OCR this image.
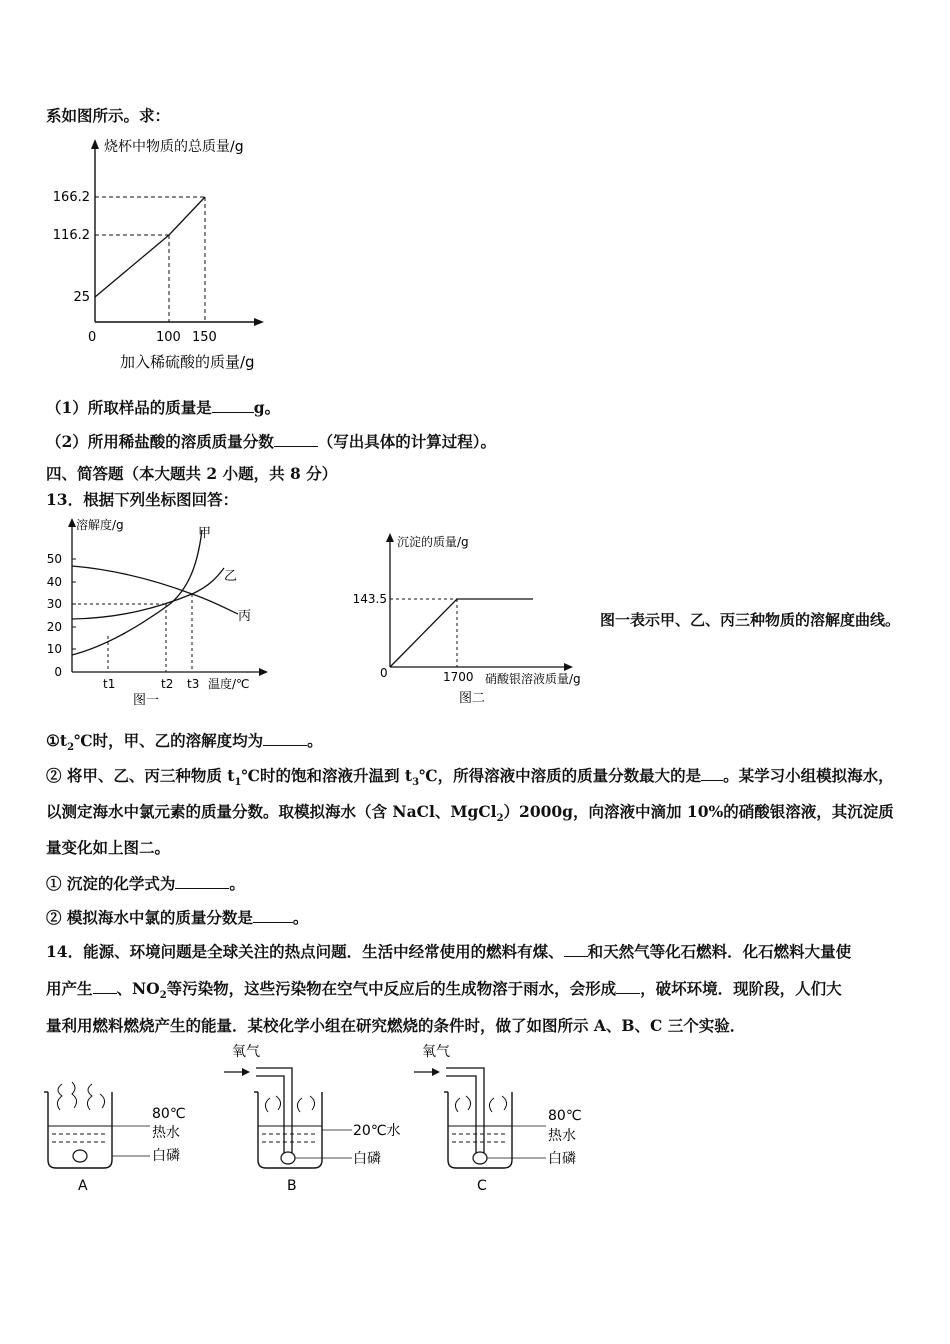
系如图所示。求：
烧杯中物质的总质量/g
0	100 150
25
116.2
166.2
加入稀硫酸的质量/g
（1）所取样品的质量是	g。
（2）所用稀盐酸的溶质质量分数	（写出具体的计算过程）。
四、简答题（本大题共 2 小题，共 8 分）
13．根据下列坐标图回答：
溶解度/g
50
40
30
20
10
0
t1	t2 t3 温度/℃
甲
乙
丙
图一
沉淀的质量/g
143.5
0	1700 硝酸银溶液质量/g
图二
图一表示甲、乙、丙三种物质的溶解度曲线。
$①t_2℃$时，甲、乙的溶解度均为	。
② 将甲、乙、丙三种物质 $t_1℃$时的饱和溶液升温到 $t_3℃$，所得溶液中溶质的质量分数最大的是 。某学习小组模拟海水，
以测定海水中氯元素的质量分数。取模拟海水（含 NaCl、MgCl$_2$）2000g，向溶液中滴加 10%的硝酸银溶液，其沉淀质
量变化如上图二。
① 沉淀的化学式为	。
② 模拟海水中氯的质量分数是	。
14．能源、环境问题是全球关注的热点问题．生活中经常使用的燃料有煤、 和天然气等化石燃料．化石燃料大量使
用产生 、$NO_2$等污染物，这些污染物在空气中反应后的生成物溶于雨水，会形成 ，破坏环境．现阶段，人们大
量利用燃料燃烧产生的能量．某校化学小组在研究燃烧的条件时，做了如图所示 A、B、C 三个实验．
80℃
热水
白磷
A
氧气
20℃水
白磷
B
氧气
80℃
热水
白磷
C
